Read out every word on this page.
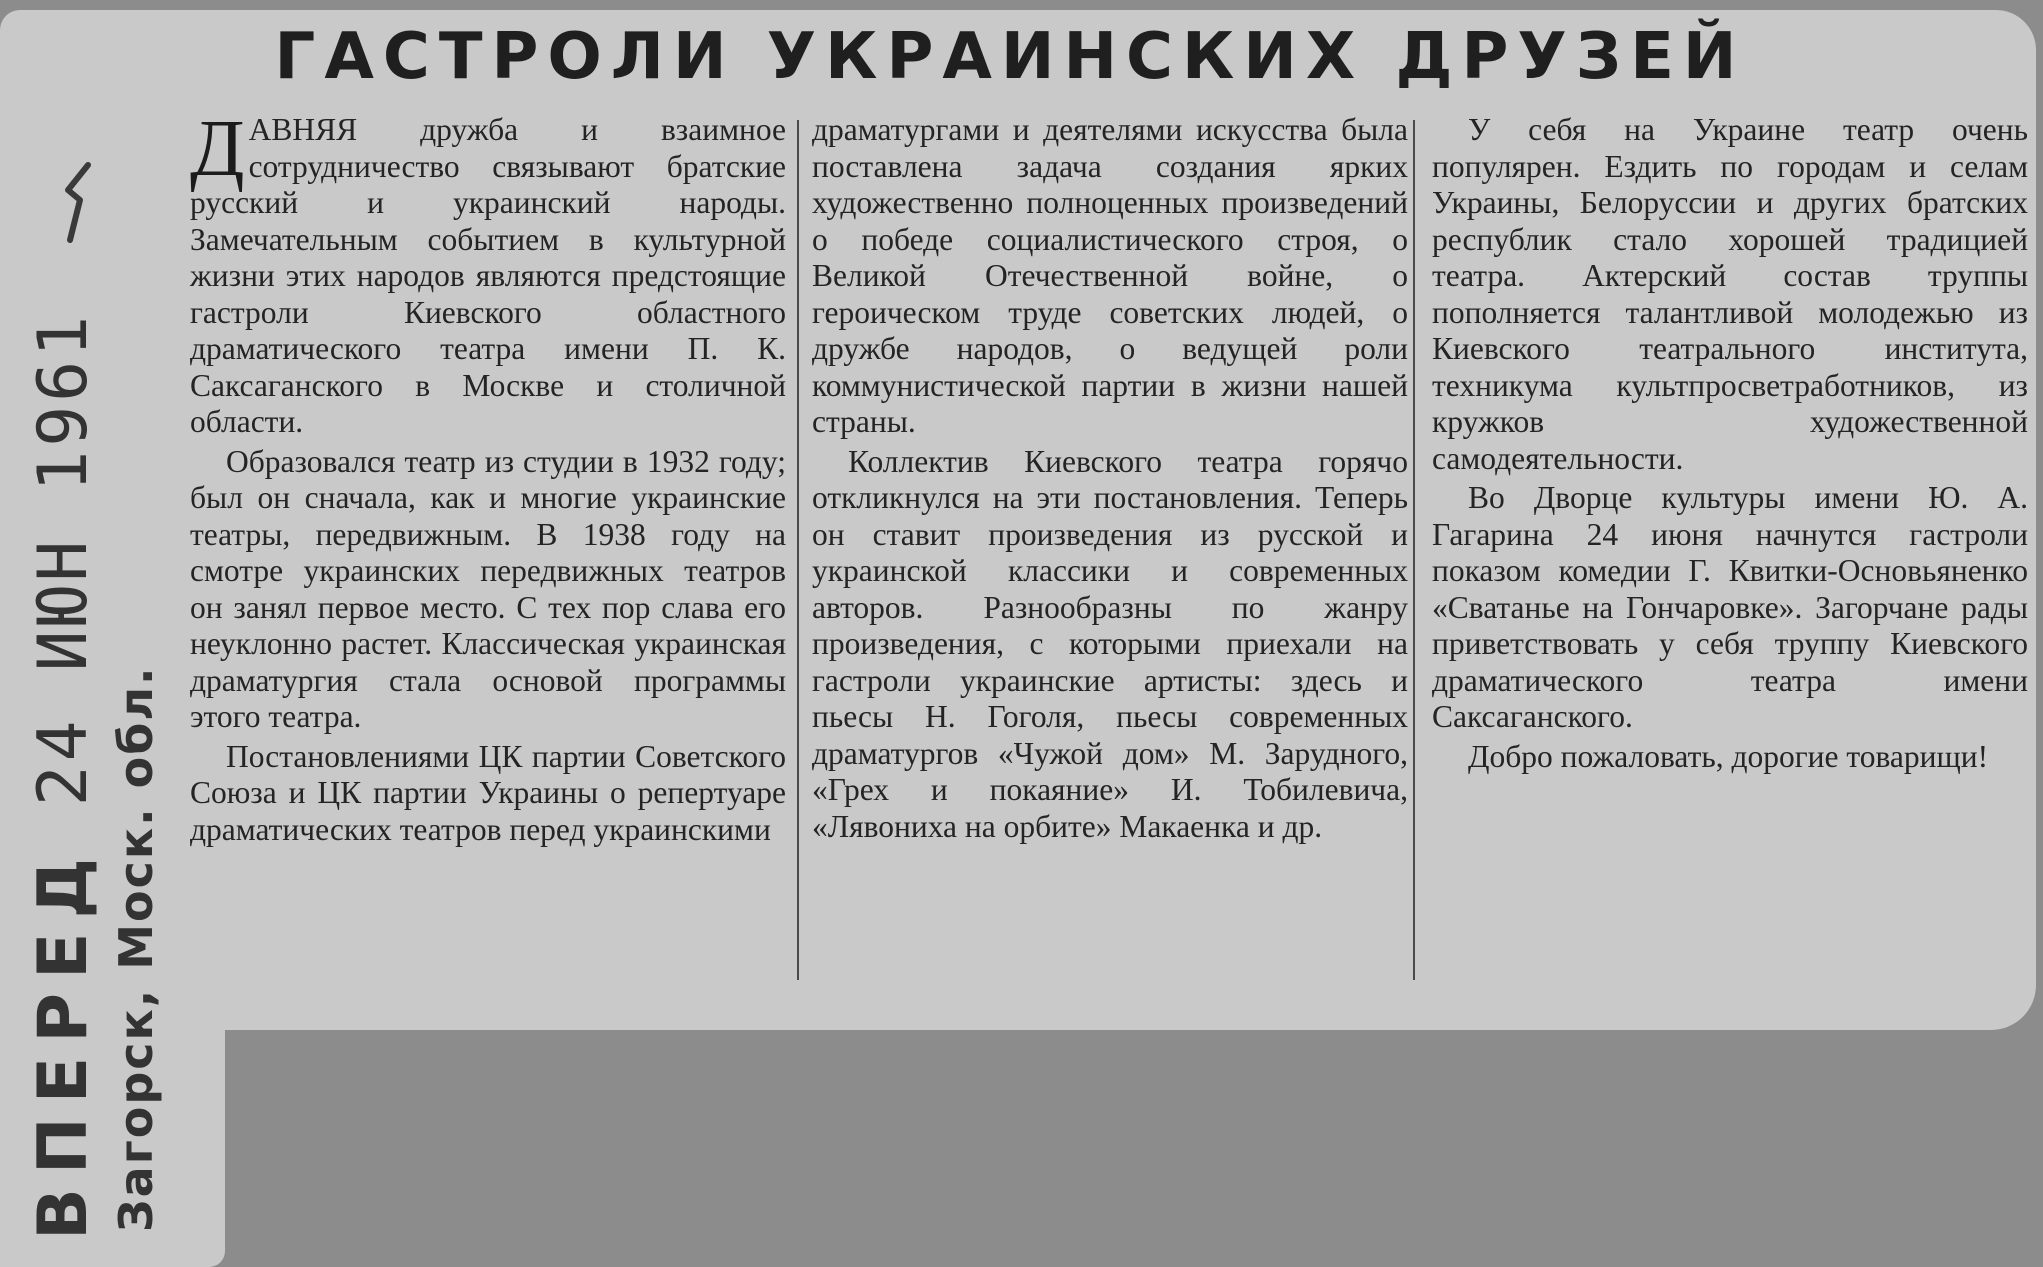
ГАСТРОЛИ УКРАИНСКИХ ДРУЗЕЙ

ДАВНЯЯ дружба и взаимное сотрудничество связывают братские русский и украинский народы. Замечательным событием в культурной жизни этих народов являются предстоящие гастроли Киевского областного драматического театра имени П. К. Саксаганского в Москве и столичной области.

Образовался театр из студии в 1932 году; был он сначала, как и многие украинские театры, передвижным. В 1938 году на смотре украинских передвижных театров он занял первое место. С тех пор слава его неуклонно растет. Классическая украинская драматургия стала основой программы этого театра.

Постановлениями ЦК партии Советского Союза и ЦК партии Украины о репертуаре драматических театров перед украинскими

драматургами и деятелями искусства была поставлена задача создания ярких художественно полноценных произведений о победе социалистического строя, о Великой Отечественной войне, о героическом труде советских людей, о дружбе народов, о ведущей роли коммунистической партии в жизни нашей страны.

Коллектив Киевского театра горячо откликнулся на эти постановления. Теперь он ставит произведения из русской и украинской классики и современных авторов. Разнообразны по жанру произведения, с которыми приехали на гастроли украинские артисты: здесь и пьесы Н. Гоголя, пьесы современных драматургов «Чужой дом» М. Зарудного, «Грех и покаяние» И. Тобилевича, «Лявониха на орбите» Макаенка и др.

У себя на Украине театр очень популярен. Ездить по городам и селам Украины, Белоруссии и других братских республик стало хорошей традицией театра. Актерский состав труппы пополняется талантливой молодежью из Киевского театрального института, техникума культпросветработников, из кружков художественной самодеятельности.

Во Дворце культуры имени Ю. А. Гагарина 24 июня начнутся гастроли показом комедии Г. Квитки-Основьяненко «Сватанье на Гончаровке». Загорчане рады приветствовать у себя труппу Киевского драматического театра имени Саксаганского.

Добро пожаловать, дорогие товарищи!

ВПЕРЕД 24 ИЮН 1961
Загорск, Моск. обл.
